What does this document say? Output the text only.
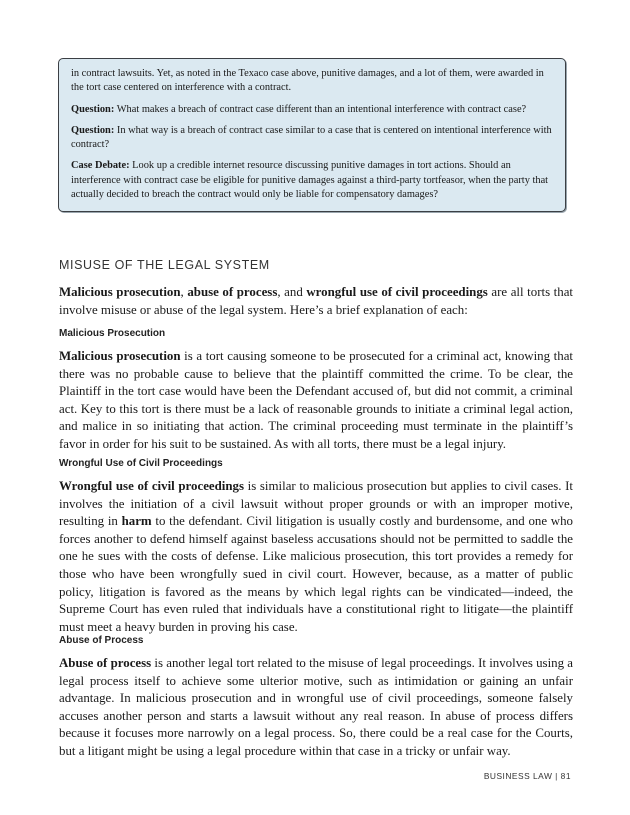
in contract lawsuits. Yet, as noted in the Texaco case above, punitive damages, and a lot of them, were awarded in the tort case centered on interference with a contract.

Question: What makes a breach of contract case different than an intentional interference with contract case?

Question: In what way is a breach of contract case similar to a case that is centered on intentional interference with contract?

Case Debate: Look up a credible internet resource discussing punitive damages in tort actions. Should an interference with contract case be eligible for punitive damages against a third-party tortfeasor, when the party that actually decided to breach the contract would only be liable for compensatory damages?

MISUSE OF THE LEGAL SYSTEM

Malicious prosecution, abuse of process, and wrongful use of civil proceedings are all torts that involve misuse or abuse of the legal system. Here’s a brief explanation of each:

Malicious Prosecution

Malicious prosecution is a tort causing someone to be prosecuted for a criminal act, knowing that there was no probable cause to believe that the plaintiff committed the crime. To be clear, the Plaintiff in the tort case would have been the Defendant accused of, but did not commit, a criminal act. Key to this tort is there must be a lack of reasonable grounds to initiate a criminal legal action, and malice in so initiating that action. The criminal proceeding must terminate in the plaintiff’s favor in order for his suit to be sustained. As with all torts, there must be a legal injury.

Wrongful Use of Civil Proceedings

Wrongful use of civil proceedings is similar to malicious prosecution but applies to civil cases. It involves the initiation of a civil lawsuit without proper grounds or with an improper motive, resulting in harm to the defendant. Civil litigation is usually costly and burdensome, and one who forces another to defend himself against baseless accusations should not be permitted to saddle the one he sues with the costs of defense. Like malicious prosecution, this tort provides a remedy for those who have been wrongfully sued in civil court. However, because, as a matter of public policy, litigation is favored as the means by which legal rights can be vindicated—indeed, the Supreme Court has even ruled that individuals have a constitutional right to litigate—the plaintiff must meet a heavy burden in proving his case.

Abuse of Process

Abuse of process is another legal tort related to the misuse of legal proceedings. It involves using a legal process itself to achieve some ulterior motive, such as intimidation or gaining an unfair advantage. In malicious prosecution and in wrongful use of civil proceedings, someone falsely accuses another person and starts a lawsuit without any real reason. In abuse of process differs because it focuses more narrowly on a legal process. So, there could be a real case for the Courts, but a litigant might be using a legal procedure within that case in a tricky or unfair way.

BUSINESS LAW | 81
